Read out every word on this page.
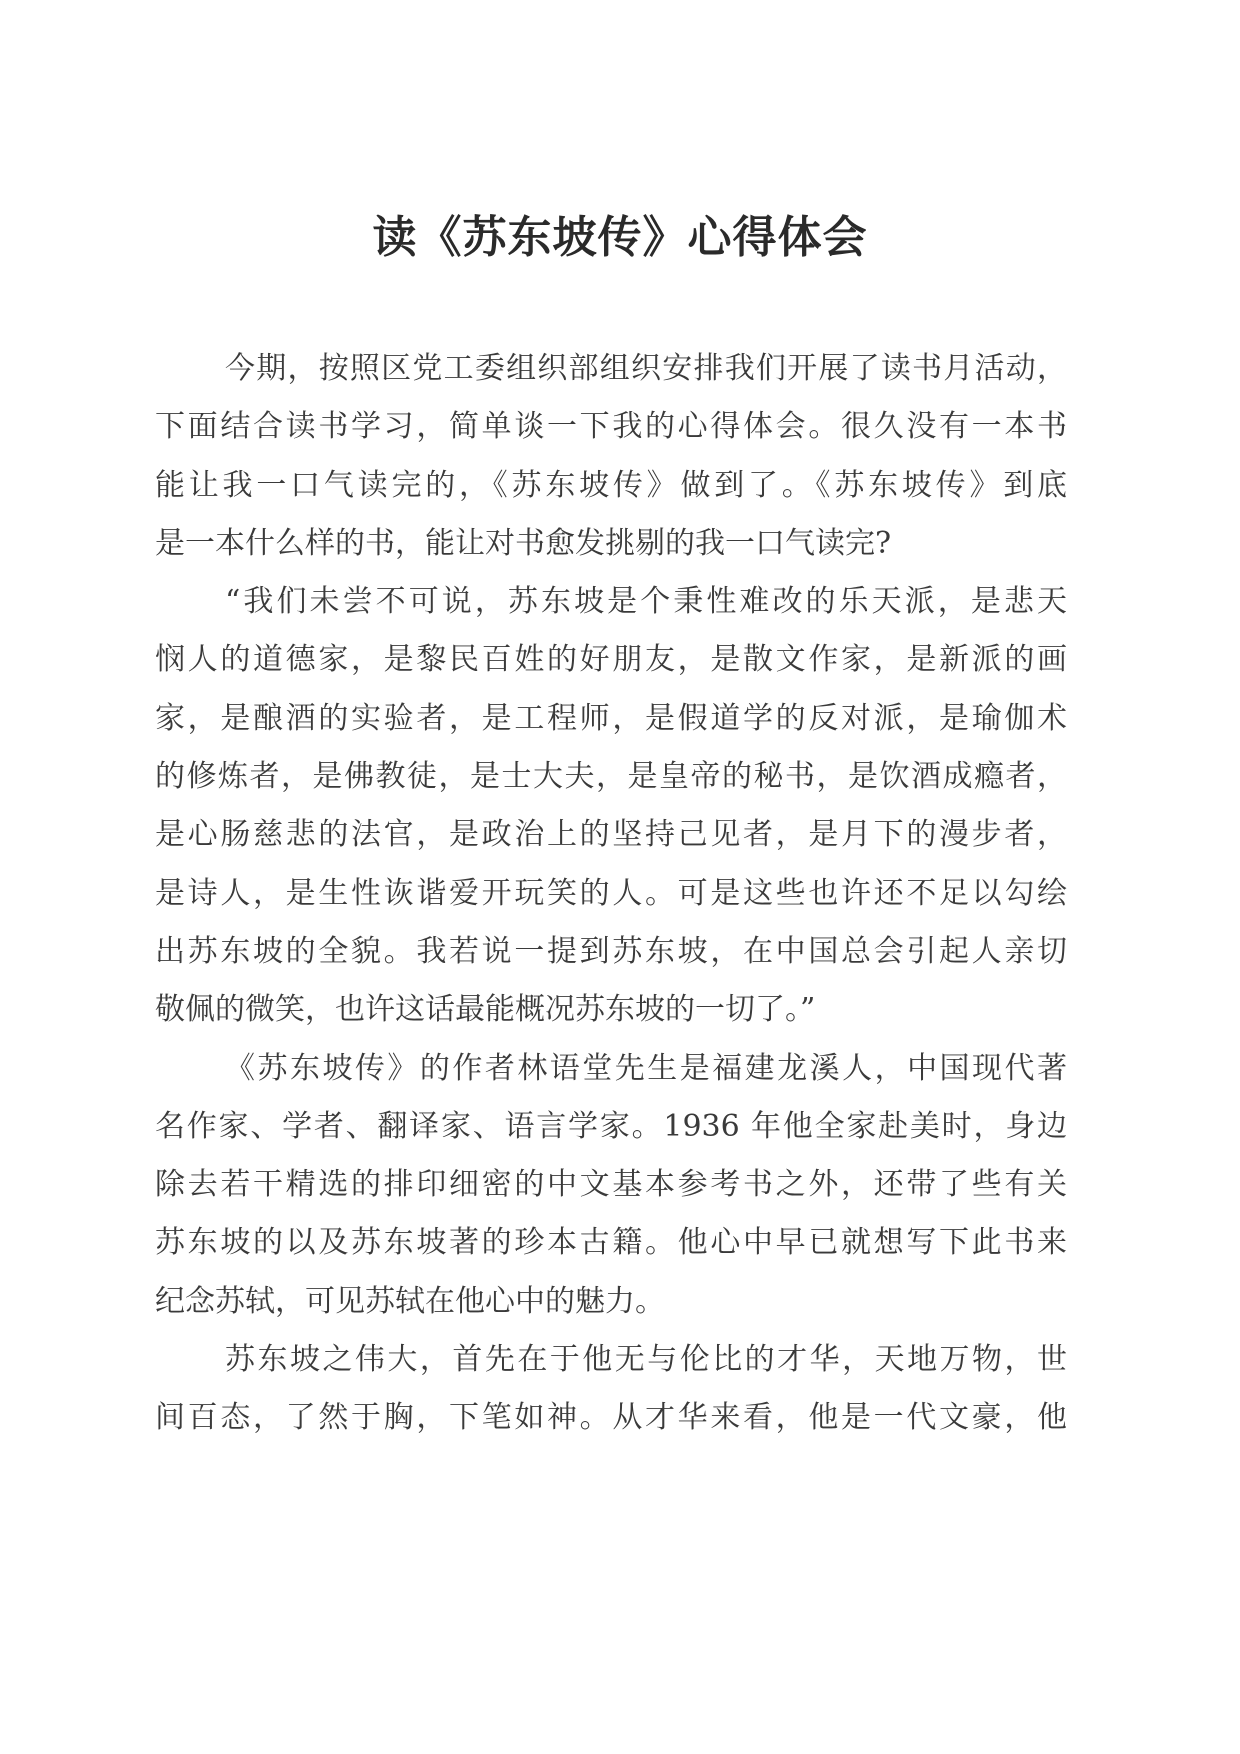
读《苏东坡传》心得体会
今期，按照区党工委组织部组织安排我们开展了读书月活动，
下面结合读书学习，简单谈一下我的心得体会。很久没有一本书
能让我一口气读完的，《苏东坡传》做到了。《苏东坡传》到底
是一本什么样的书，能让对书愈发挑剔的我一口气读完?
“我们未尝不可说，苏东坡是个秉性难改的乐天派，是悲天
悯人的道德家，是黎民百姓的好朋友，是散文作家，是新派的画
家，是酿酒的实验者，是工程师，是假道学的反对派，是瑜伽术
的修炼者，是佛教徒，是士大夫，是皇帝的秘书，是饮酒成瘾者，
是心肠慈悲的法官，是政治上的坚持己见者，是月下的漫步者，
是诗人，是生性诙谐爱开玩笑的人。可是这些也许还不足以勾绘
出苏东坡的全貌。我若说一提到苏东坡，在中国总会引起人亲切
敬佩的微笑，也许这话最能概况苏东坡的一切了。”
《苏东坡传》的作者林语堂先生是福建龙溪人，中国现代著
名作家、学者、翻译家、语言学家。1936 年他全家赴美时，身边
除去若干精选的排印细密的中文基本参考书之外，还带了些有关
苏东坡的以及苏东坡著的珍本古籍。他心中早已就想写下此书来
纪念苏轼，可见苏轼在他心中的魅力。
苏东坡之伟大，首先在于他无与伦比的才华，天地万物，世
间百态，了然于胸，下笔如神。从才华来看，他是一代文豪，他
